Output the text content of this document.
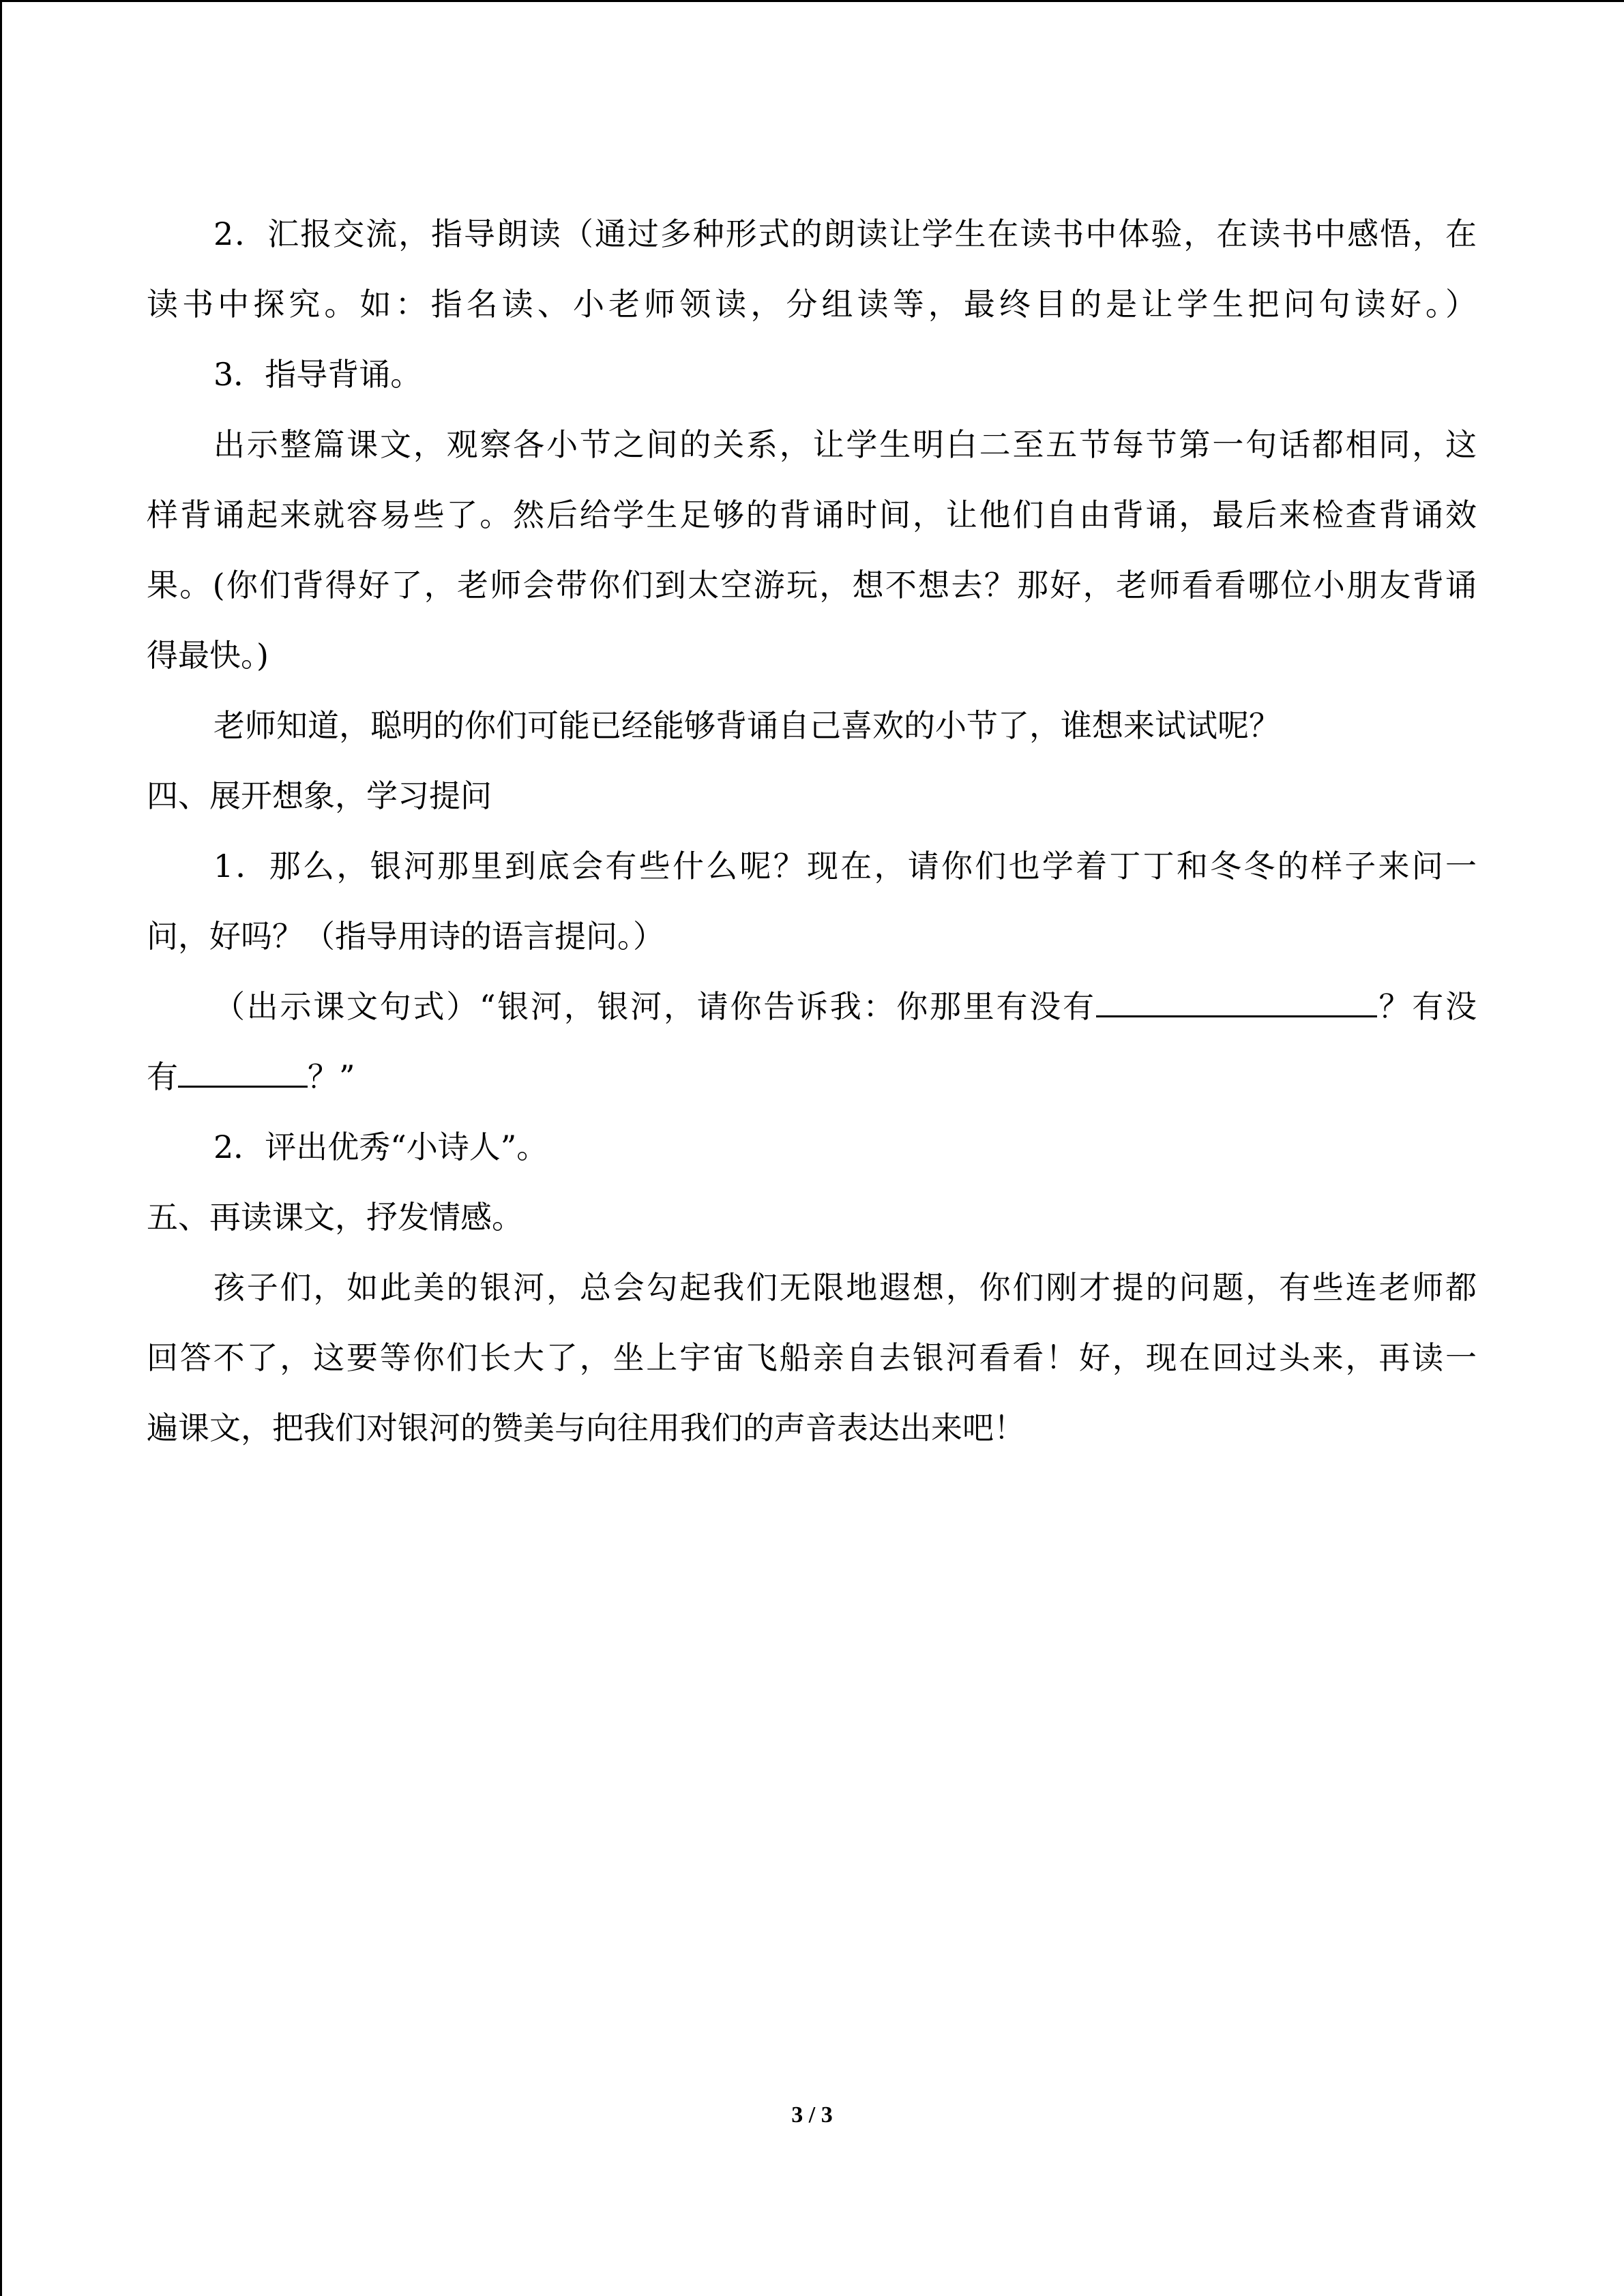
2．汇报交流，指导朗读（通过多种形式的朗读让学生在读书中体验，在读书中感悟，在
读书中探究。如：指名读、小老师领读，分组读等，最终目的是让学生把问句读好。）
3．指导背诵。
出示整篇课文，观察各小节之间的关系，让学生明白二至五节每节第一句话都相同，这
样背诵起来就容易些了。然后给学生足够的背诵时间，让他们自由背诵，最后来检查背诵效
果。(你们背得好了，老师会带你们到太空游玩，想不想去？那好，老师看看哪位小朋友背诵
得最快。)
老师知道，聪明的你们可能已经能够背诵自己喜欢的小节了，谁想来试试呢？
四、展开想象，学习提问
1．那么，银河那里到底会有些什么呢？现在，请你们也学着丁丁和冬冬的样子来问一
问，好吗？（指导用诗的语言提问。）
（出示课文句式）“银河，银河，请你告诉我：你那里有没有	？有没
有	？”
2．评出优秀“小诗人”。
五、再读课文，抒发情感。
孩子们，如此美的银河，总会勾起我们无限地遐想，你们刚才提的问题，有些连老师都
回答不了，这要等你们长大了，坐上宇宙飞船亲自去银河看看！好，现在回过头来，再读一
遍课文，把我们对银河的赞美与向往用我们的声音表达出来吧！
3 / 3
